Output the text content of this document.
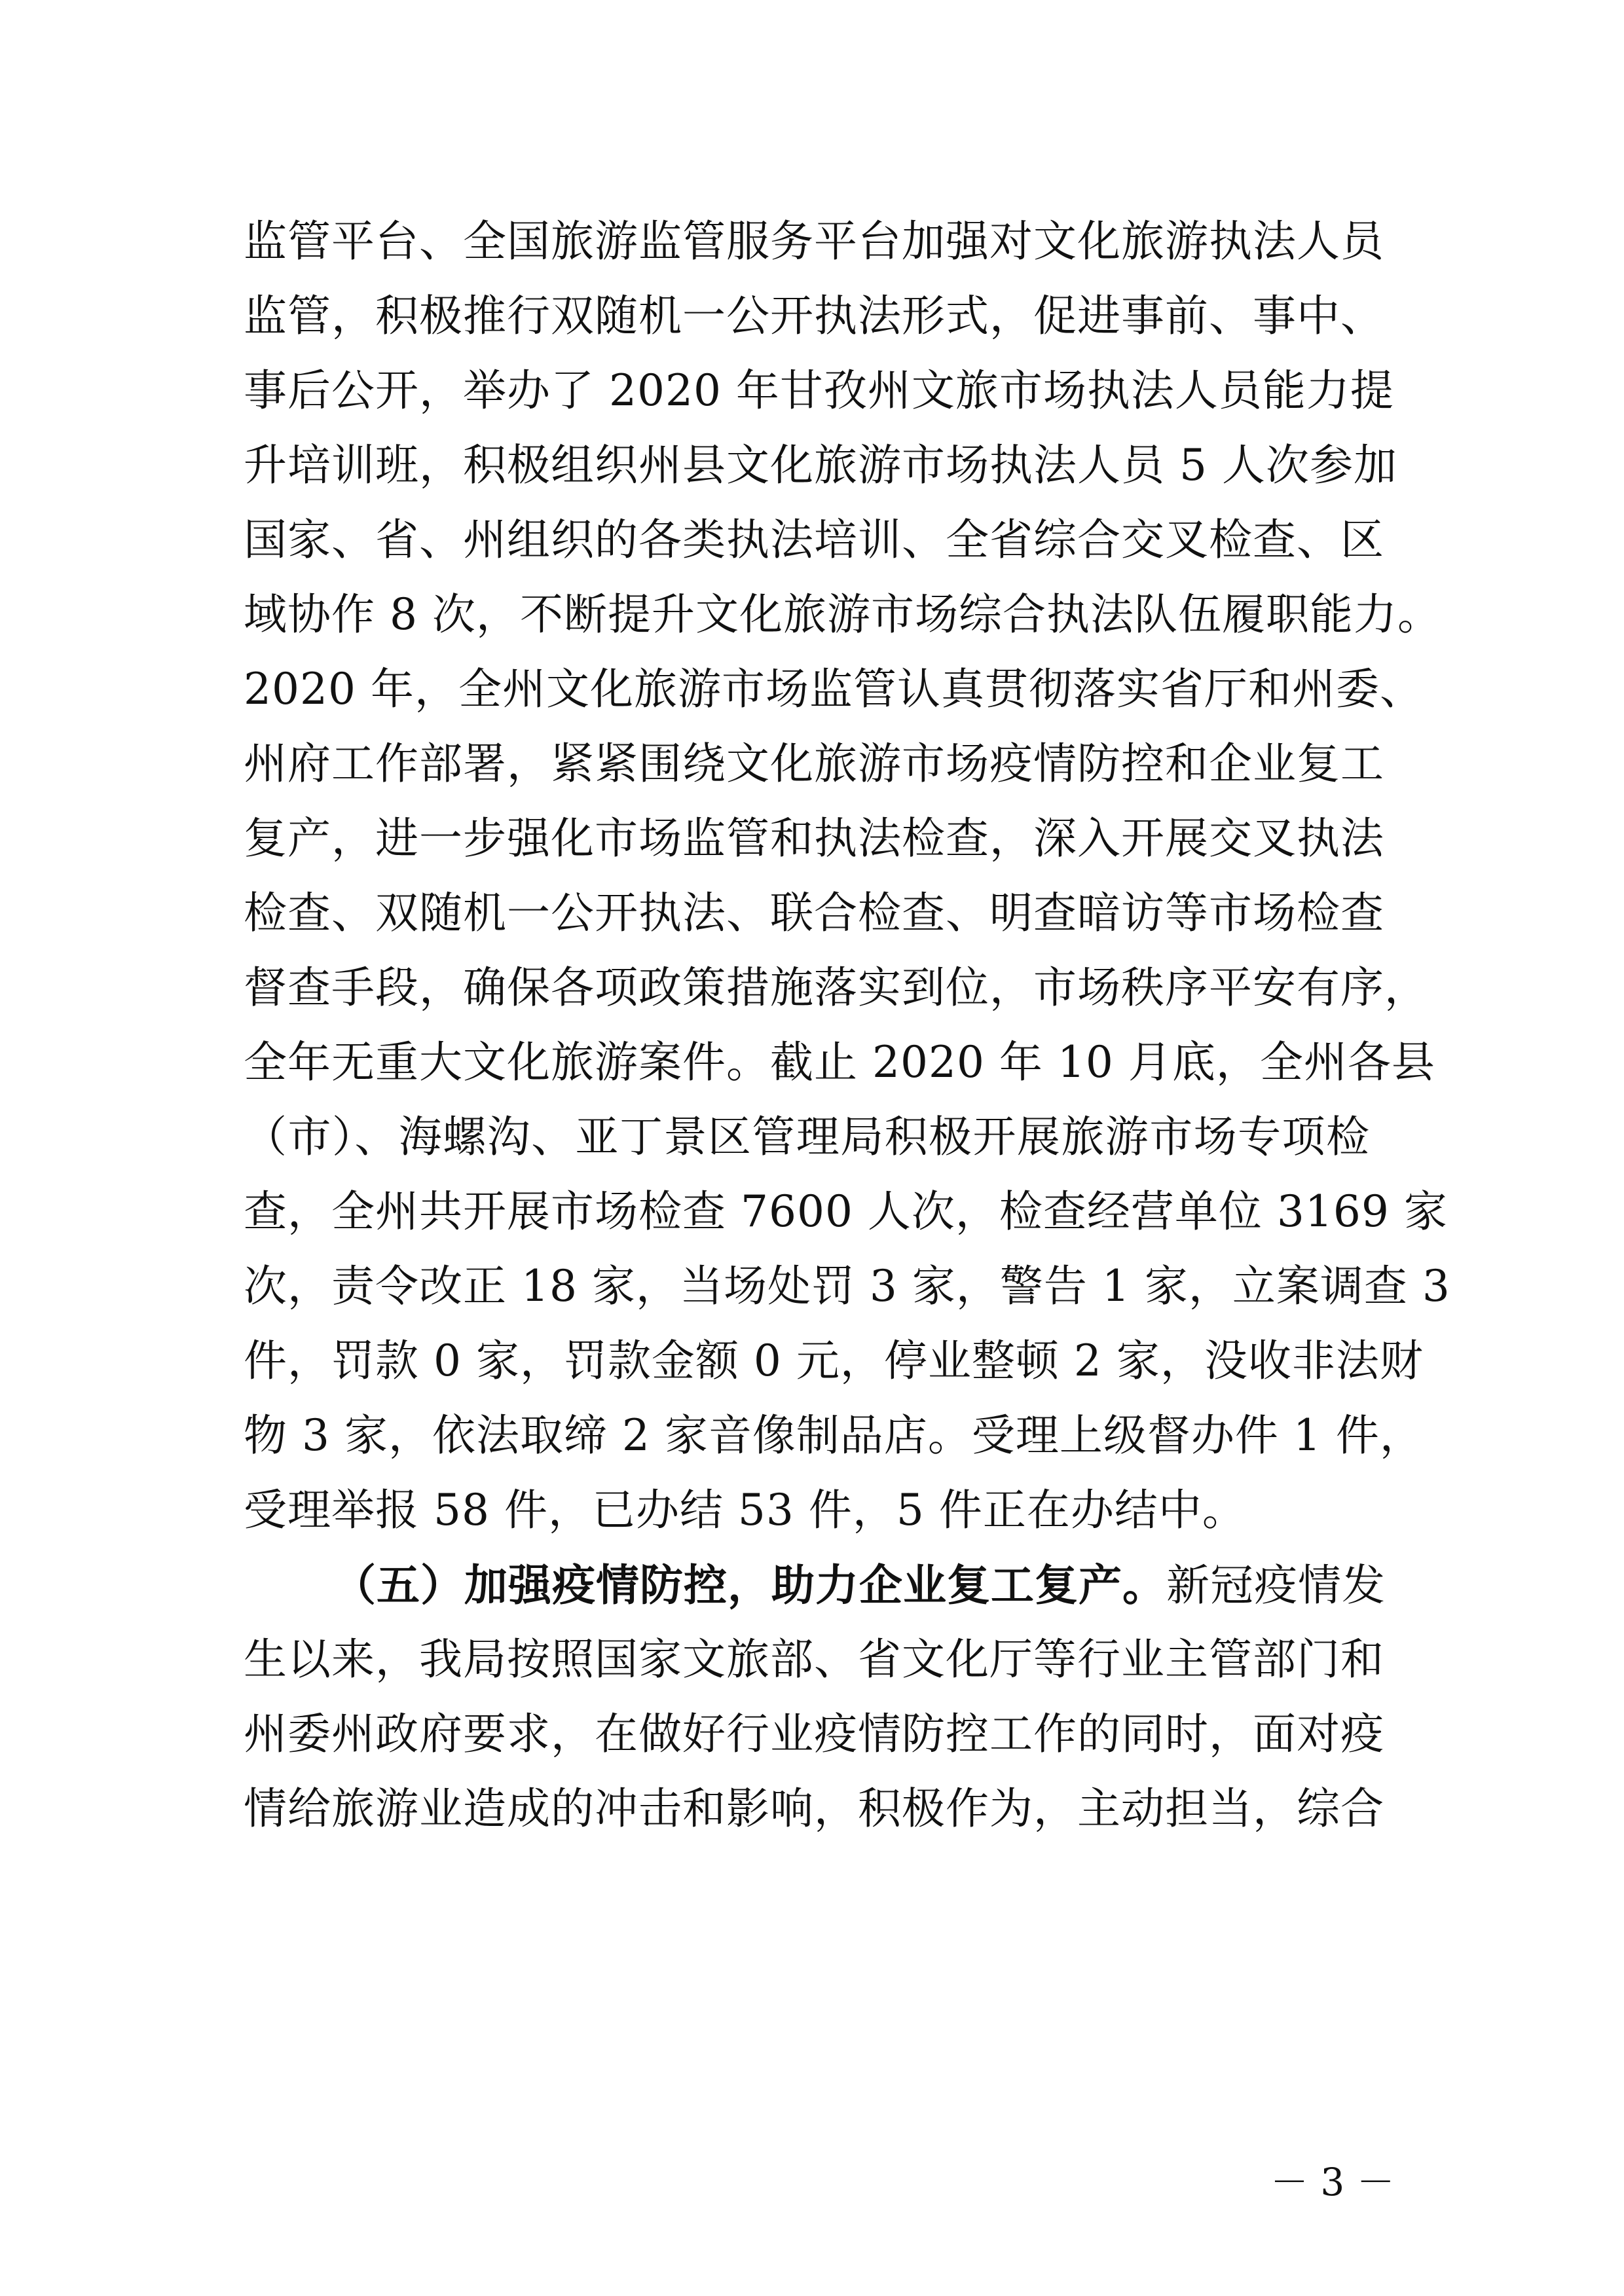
监管平台、全国旅游监管服务平台加强对文化旅游执法人员
监管，积极推行双随机一公开执法形式，促进事前、事中、
事后公开，举办了 2020 年甘孜州文旅市场执法人员能力提
升培训班，积极组织州县文化旅游市场执法人员 5 人次参加
国家、省、州组织的各类执法培训、全省综合交叉检查、区
域协作 8 次，不断提升文化旅游市场综合执法队伍履职能力。
2020 年，全州文化旅游市场监管认真贯彻落实省厅和州委、
州府工作部署，紧紧围绕文化旅游市场疫情防控和企业复工
复产，进一步强化市场监管和执法检查，深入开展交叉执法
检查、双随机一公开执法、联合检查、明查暗访等市场检查
督查手段，确保各项政策措施落实到位，市场秩序平安有序，
全年无重大文化旅游案件。截止 2020 年 10 月底，全州各县
（市）、海螺沟、亚丁景区管理局积极开展旅游市场专项检
查，全州共开展市场检查 7600 人次，检查经营单位 3169 家
次，责令改正 18 家，当场处罚 3 家，警告 1 家，立案调查 3
件，罚款 0 家，罚款金额 0 元，停业整顿 2 家，没收非法财
物 3 家，依法取缔 2 家音像制品店。受理上级督办件 1 件，
受理举报 58 件，已办结 53 件，5 件正在办结中。
（五）加强疫情防控，助力企业复工复产。新冠疫情发
生以来，我局按照国家文旅部、省文化厅等行业主管部门和
州委州政府要求，在做好行业疫情防控工作的同时，面对疫
情给旅游业造成的冲击和影响，积极作为，主动担当，综合
－ 3 －
